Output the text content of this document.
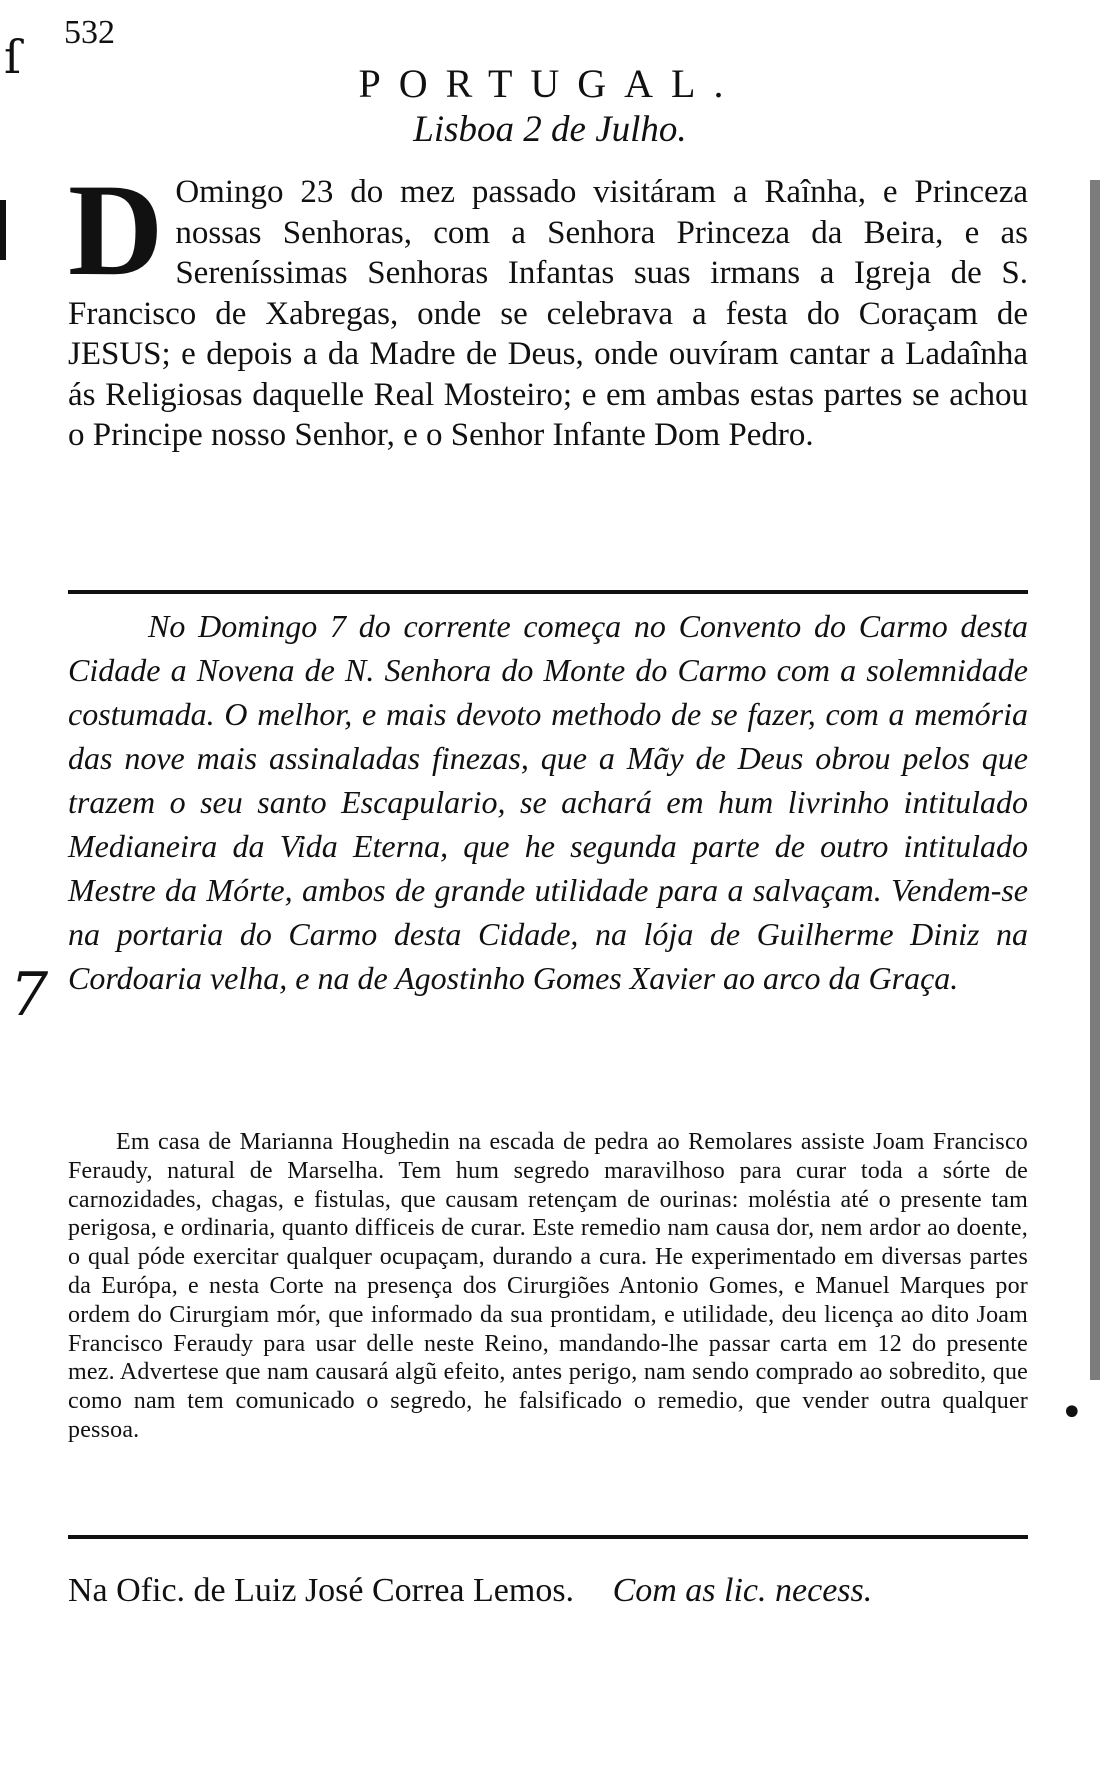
ſ
7
•
532
PORTUGAL.
Lisboa 2 de Julho.
D Omingo 23 do mez passado visitáram a Raînha, e Princeza nossas Senhoras, com a Senhora Princeza da Beira, e as Sereníssimas Senhoras Infantas suas irmans a Igreja de S. Francisco de Xabregas, onde se celebrava a festa do Coraçam de JESUS; e depois a da Madre de Deus, onde ouvíram cantar a Ladaînha ás Religiosas daquelle Real Mosteiro; e em ambas estas partes se achou o Principe nosso Senhor, e o Senhor Infante Dom Pedro.
No Domingo 7 do corrente começa no Convento do Carmo desta Cidade a Novena de N. Senhora do Monte do Carmo com a solemnidade costumada. O melhor, e mais devoto methodo de se fazer, com a memória das nove mais assinaladas finezas, que a Mãy de Deus obrou pelos que trazem o seu santo Escapulario, se achará em hum livrinho intitulado Medianeira da Vida Eterna, que he segunda parte de outro intitulado Mestre da Mórte, ambos de grande utilidade para a salvaçam. Vendem-se na portaria do Carmo desta Cidade, na lója de Guilherme Diniz na Cordoaria velha, e na de Agostinho Gomes Xavier ao arco da Graça.
Em casa de Marianna Houghedin na escada de pedra ao Remolares assiste Joam Francisco Feraudy, natural de Marselha. Tem hum segredo maravilhoso para curar toda a sórte de carnozidades, chagas, e fistulas, que causam retençam de ourinas: moléstia até o presente tam perigosa, e ordinaria, quanto difficeis de curar. Este remedio nam causa dor, nem ardor ao doente, o qual póde exercitar qualquer ocupaçam, durando a cura. He experimentado em diversas partes da Európa, e nesta Corte na presença dos Cirurgiões Antonio Gomes, e Manuel Marques por ordem do Cirurgiam mór, que informado da sua prontidam, e utilidade, deu licença ao dito Joam Francisco Feraudy para usar delle neste Reino, mandando-lhe passar carta em 12 do presente mez. Advertese que nam causará algũ efeito, antes perigo, nam sendo comprado ao sobredito, que como nam tem comunicado o segredo, he falsificado o remedio, que vender outra qualquer pessoa.
Na Ofic. de Luiz José Correa Lemos. Com as lic. necess.
